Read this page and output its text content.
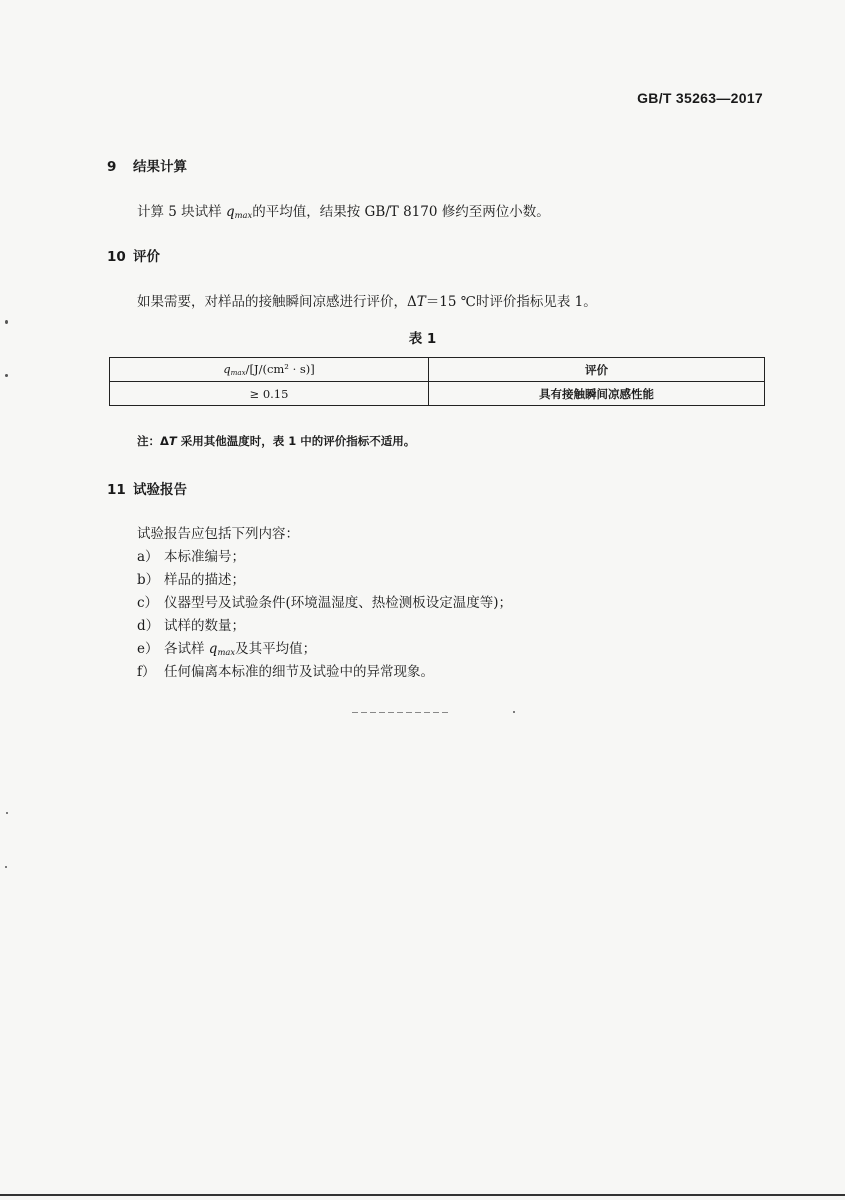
GB/T 35263—2017
9 结果计算
计算 5 块试样 $q_{max}$的平均值，结果按 GB/T 8170 修约至两位小数。
10 评价
如果需要，对样品的接触瞬间凉感进行评价，ΔT＝15 ℃时评价指标见表 1。
表 1
$q_{max}/[J/(cm^2 \cdot s)]$	评价
≥ 0.15	具有接触瞬间凉感性能
注：ΔT 采用其他温度时，表 1 中的评价指标不适用。
11 试验报告
试验报告应包括下列内容：
a） 本标准编号；
b） 样品的描述；
c） 仪器型号及试验条件(环境温湿度、热检测板设定温度等)；
d） 试样的数量；
e） 各试样 $q_{max}$及其平均值；
f） 任何偏离本标准的细节及试验中的异常现象。
